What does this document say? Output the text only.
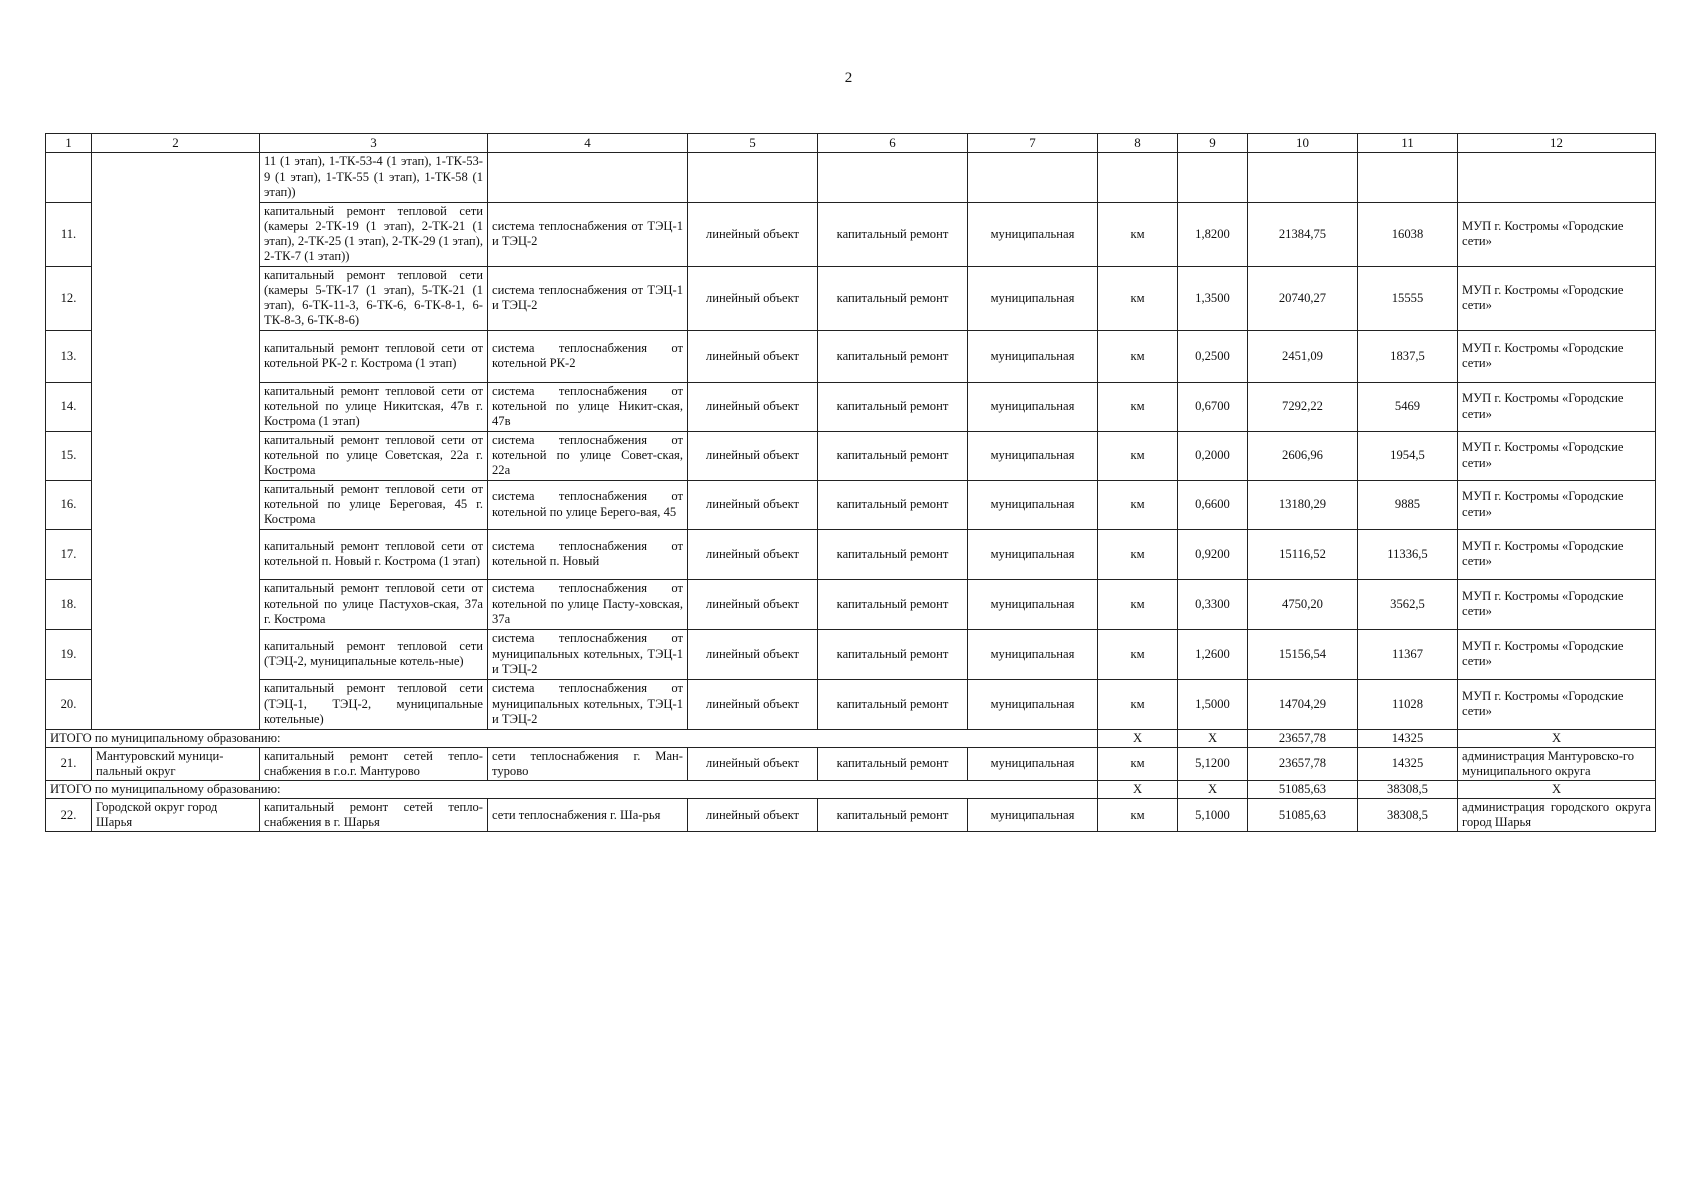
2
1	2	3	4	5	6	7	8	9	10	11	12
		11 (1 этап), 1-ТК-53-4 (1 этап), 1-ТК-53-9 (1 этап), 1-ТК-55 (1 этап), 1-ТК-58 (1 этап))									
11.		капитальный ремонт тепловой сети (камеры 2-ТК-19 (1 этап), 2-ТК-21 (1 этап), 2-ТК-25 (1 этап), 2-ТК-29 (1 этап), 2-ТК-7 (1 этап))	система теплоснабжения от ТЭЦ-1 и ТЭЦ-2	линейный объект	капитальный ремонт	муниципальная	км	1,8200	21384,75	16038	МУП г. Костромы «Городские сети»
12.		капитальный ремонт тепловой сети (камеры 5-ТК-17 (1 этап), 5-ТК-21 (1 этап), 6-ТК-11-3, 6-ТК-6, 6-ТК-8-1, 6-ТК-8-3, 6-ТК-8-6)	система теплоснабжения от ТЭЦ-1 и ТЭЦ-2	линейный объект	капитальный ремонт	муниципальная	км	1,3500	20740,27	15555	МУП г. Костромы «Городские сети»
13.		капитальный ремонт тепловой сети от котельной РК-2 г. Кострома (1 этап)	система теплоснабжения от котельной РК-2	линейный объект	капитальный ремонт	муниципальная	км	0,2500	2451,09	1837,5	МУП г. Костромы «Городские сети»
14.		капитальный ремонт тепловой сети от котельной по улице Никитская, 47в г. Кострома (1 этап)	система теплоснабжения от котельной по улице Никит-ская, 47в	линейный объект	капитальный ремонт	муниципальная	км	0,6700	7292,22	5469	МУП г. Костромы «Городские сети»
15.		капитальный ремонт тепловой сети от котельной по улице Советская, 22а г. Кострома	система теплоснабжения от котельной по улице Совет-ская, 22а	линейный объект	капитальный ремонт	муниципальная	км	0,2000	2606,96	1954,5	МУП г. Костромы «Городские сети»
16.		капитальный ремонт тепловой сети от котельной по улице Береговая, 45 г. Кострома	система теплоснабжения от котельной по улице Берего-вая, 45	линейный объект	капитальный ремонт	муниципальная	км	0,6600	13180,29	9885	МУП г. Костромы «Городские сети»
17.		капитальный ремонт тепловой сети от котельной п. Новый г. Кострома (1 этап)	система теплоснабжения от котельной п. Новый	линейный объект	капитальный ремонт	муниципальная	км	0,9200	15116,52	11336,5	МУП г. Костромы «Городские сети»
18.		капитальный ремонт тепловой сети от котельной по улице Пастухов-ская, 37а г. Кострома	система теплоснабжения от котельной по улице Пасту-ховская, 37а	линейный объект	капитальный ремонт	муниципальная	км	0,3300	4750,20	3562,5	МУП г. Костромы «Городские сети»
19.		капитальный ремонт тепловой сети (ТЭЦ-2, муниципальные котель-ные)	система теплоснабжения от муниципальных котельных, ТЭЦ-1 и ТЭЦ-2	линейный объект	капитальный ремонт	муниципальная	км	1,2600	15156,54	11367	МУП г. Костромы «Городские сети»
20.		капитальный ремонт тепловой сети (ТЭЦ-1, ТЭЦ-2, муниципальные котельные)	система теплоснабжения от муниципальных котельных, ТЭЦ-1 и ТЭЦ-2	линейный объект	капитальный ремонт	муниципальная	км	1,5000	14704,29	11028	МУП г. Костромы «Городские сети»
ИТОГО по муниципальному образованию:							Х	Х	23657,78	14325	Х
21.	Мантуровский муници-пальный округ	капитальный ремонт сетей тепло-снабжения в г.о.г. Мантурово	сети теплоснабжения г. Ман-турово	линейный объект	капитальный ремонт	муниципальная	км	5,1200	23657,78	14325	администрация Мантуровско-го муниципального округа
ИТОГО по муниципальному образованию:							Х	Х	51085,63	38308,5	Х
22.	Городской округ город Шарья	капитальный ремонт сетей тепло-снабжения в г. Шарья	сети теплоснабжения г. Ша-рья	линейный объект	капитальный ремонт	муниципальная	км	5,1000	51085,63	38308,5	администрация городского округа город Шарья
